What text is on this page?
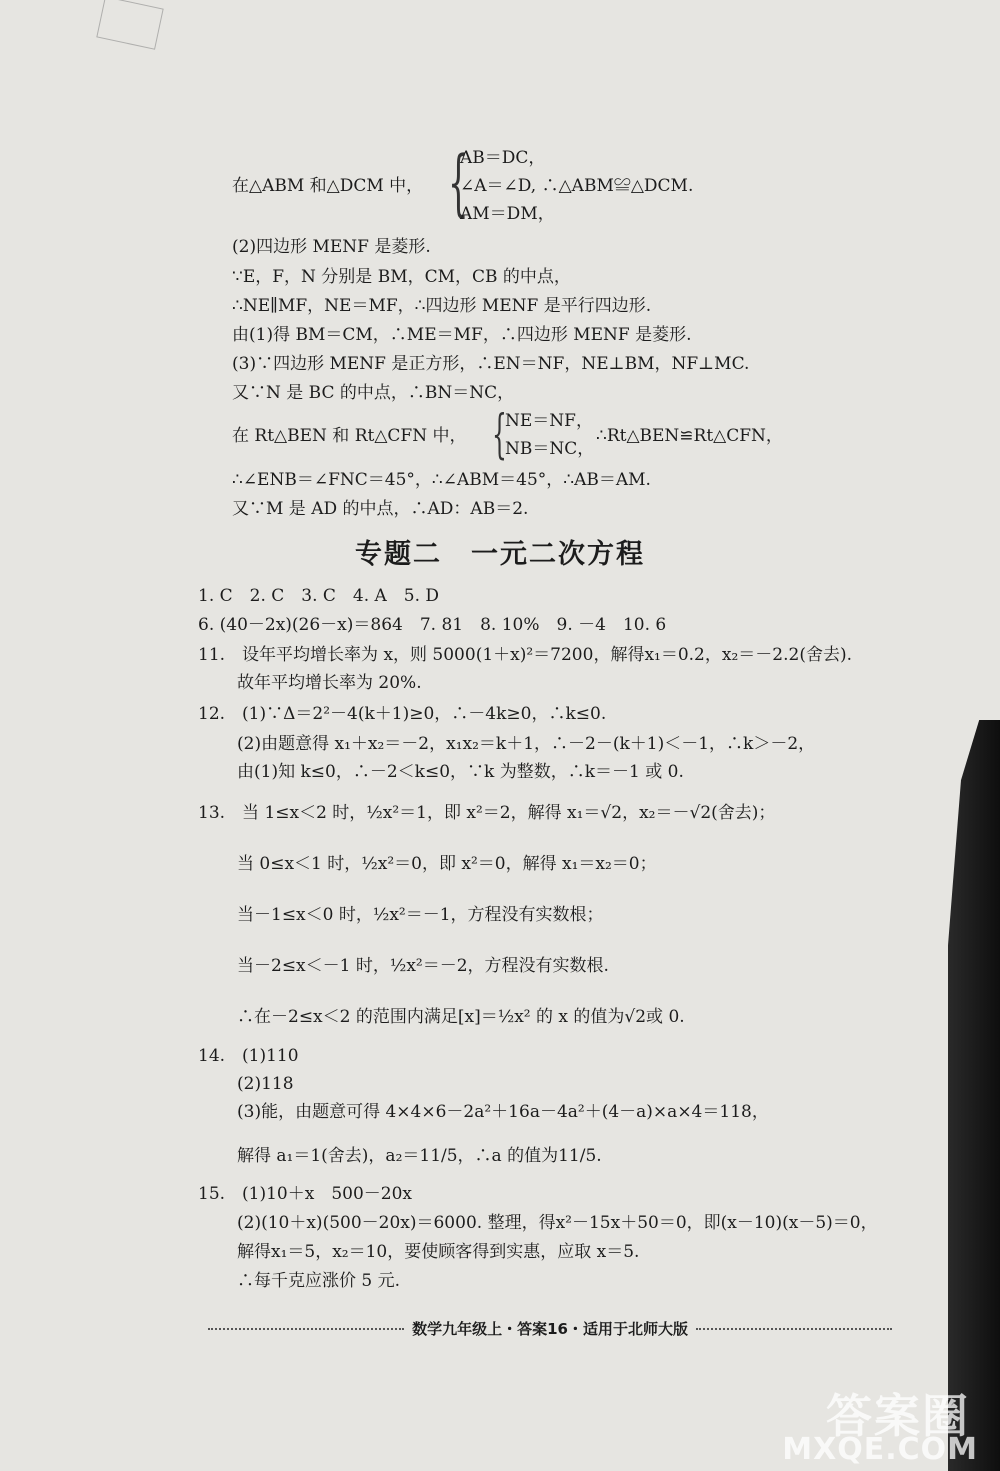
在△ABM 和△DCM 中， {
AB＝DC，
∠A＝∠D, ∴△ABM≌△DCM.
AM＝DM，
(2)四边形 MENF 是菱形.
∵E，F，N 分别是 BM，CM，CB 的中点，
∴NE∥MF，NE＝MF，∴四边形 MENF 是平行四边形.
由(1)得 BM＝CM，∴ME＝MF，∴四边形 MENF 是菱形.
(3)∵四边形 MENF 是正方形，∴EN＝NF，NE⊥BM，NF⊥MC.
又∵N 是 BC 的中点，∴BN＝NC，
在 Rt△BEN 和 Rt△CFN 中， {
NE＝NF，
NB＝NC，
∴Rt△BEN≌Rt△CFN，
∴∠ENB＝∠FNC＝45°，∴∠ABM＝45°，∴AB＝AM.
又∵M 是 AD 的中点，∴AD：AB＝2.
专题二　一元二次方程
1. C　2. C　3. C　4. A　5. D
6. (40－2x)(26－x)＝864　7. 81　8. 10%　9. －4　10. 6
11.　设年平均增长率为 x，则 5000(1＋x)²＝7200，解得x₁＝0.2，x₂＝－2.2(舍去).
故年平均增长率为 20%.
12.　(1)∵Δ＝2²－4(k＋1)≥0，∴－4k≥0，∴k≤0.
(2)由题意得 x₁＋x₂＝－2，x₁x₂＝k＋1，∴－2－(k＋1)＜－1，∴k＞－2，
由(1)知 k≤0，∴－2＜k≤0，∵k 为整数，∴k＝－1 或 0.
13.　当 1≤x＜2 时，½x²＝1，即 x²＝2，解得 x₁＝√2，x₂＝－√2(舍去)；
当 0≤x＜1 时，½x²＝0，即 x²＝0，解得 x₁＝x₂＝0；
当－1≤x＜0 时，½x²＝－1，方程没有实数根；
当－2≤x＜－1 时，½x²＝－2，方程没有实数根.
∴在－2≤x＜2 的范围内满足[x]＝½x² 的 x 的值为√2或 0.
14.　(1)110
(2)118
(3)能，由题意可得 4×4×6－2a²＋16a－4a²＋(4－a)×a×4＝118，
解得 a₁＝1(舍去)，a₂＝11/5，∴a 的值为11/5.
15.　(1)10＋x　500－20x
(2)(10＋x)(500－20x)＝6000. 整理，得x²－15x＋50＝0，即(x－10)(x－5)＝0，
解得x₁＝5，x₂＝10，要使顾客得到实惠，应取 x＝5.
∴每千克应涨价 5 元.
数学九年级上・答案16・适用于北师大版
答案圈
MXQE.COM
